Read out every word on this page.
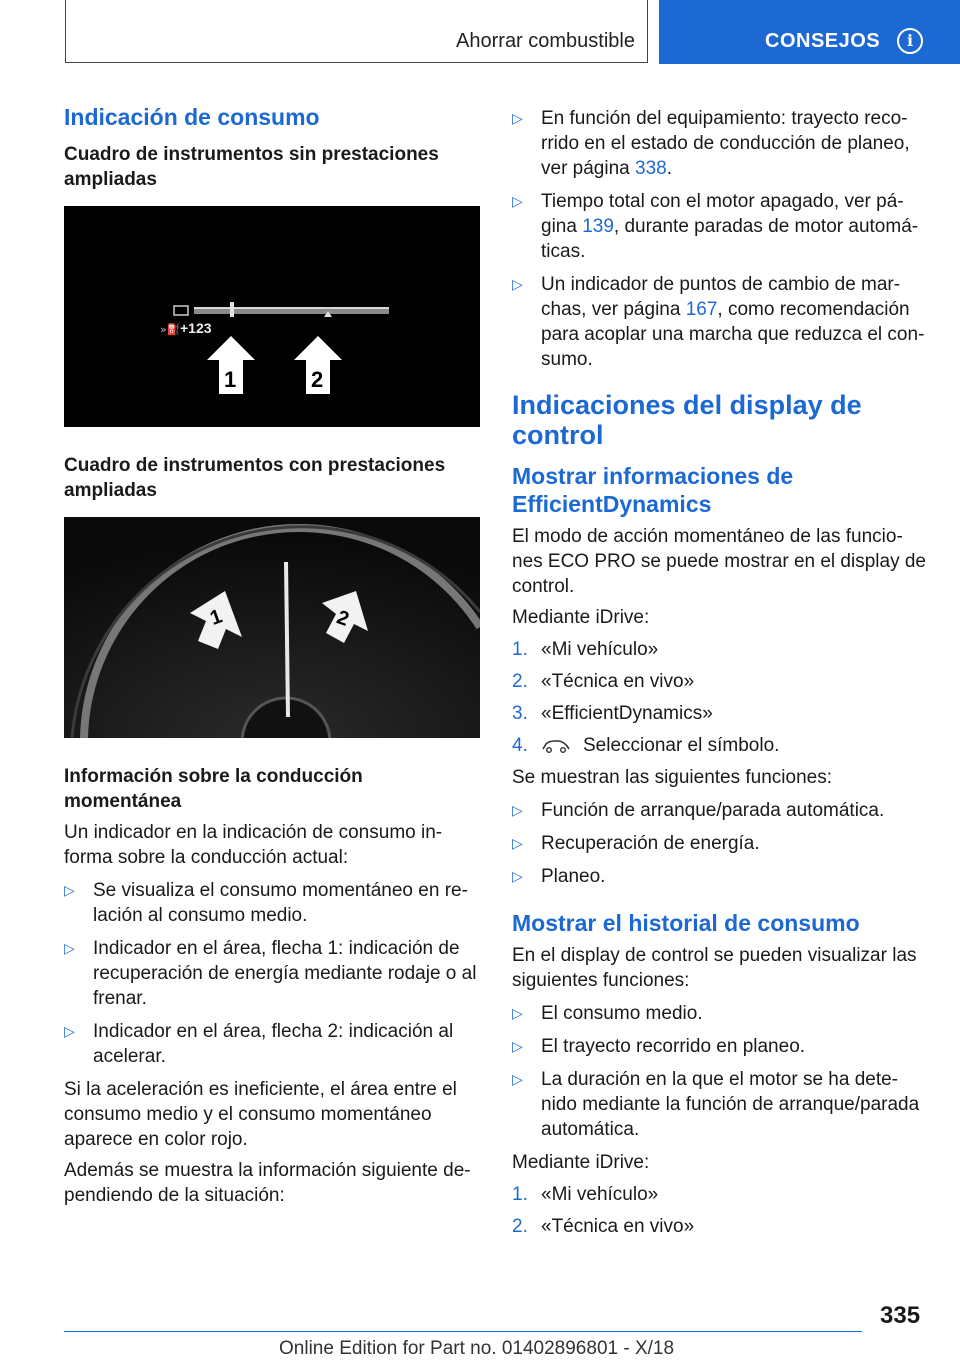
Ahorrar combustible	CONSEJOS	i
Indicación de consumo
Cuadro de instrumentos sin prestaciones ampliadas
»⛽ +123
1	2
Cuadro de instrumentos con prestaciones ampliadas
1	2
Información sobre la conducción momentánea

Un indicador en la indicación de consumo in-forma sobre la conducción actual:

▷ Se visualiza el consumo momentáneo en re-lación al consumo medio.
▷ Indicador en el área, flecha 1: indicación de recuperación de energía mediante rodaje o al frenar.
▷ Indicador en el área, flecha 2: indicación al acelerar.

Si la aceleración es ineficiente, el área entre el consumo medio y el consumo momentáneo aparece en color rojo.

Además se muestra la información siguiente de-pendiendo de la situación:

▷ En función del equipamiento: trayecto reco-rrido en el estado de conducción de planeo, ver página 338.
▷ Tiempo total con el motor apagado, ver pá-gina 139, durante paradas de motor automá-ticas.
▷ Un indicador de puntos de cambio de mar-chas, ver página 167, como recomendación para acoplar una marcha que reduzca el con-sumo.
Indicaciones del display de control
Mostrar informaciones de EfficientDynamics

El modo de acción momentáneo de las funcio-nes ECO PRO se puede mostrar en el display de control.

Mediante iDrive:

1. «Mi vehículo»
2. «Técnica en vivo»
3. «EfficientDynamics»
4.	Seleccionar el símbolo.

Se muestran las siguientes funciones:

▷ Función de arranque/parada automática.
▷ Recuperación de energía.
▷ Planeo.
Mostrar el historial de consumo

En el display de control se pueden visualizar las siguientes funciones:

▷ El consumo medio.
▷ El trayecto recorrido en planeo.
▷ La duración en la que el motor se ha dete-nido mediante la función de arranque/parada automática.

Mediante iDrive:

1. «Mi vehículo»
2. «Técnica en vivo»
335
Online Edition for Part no. 01402896801 - X/18
